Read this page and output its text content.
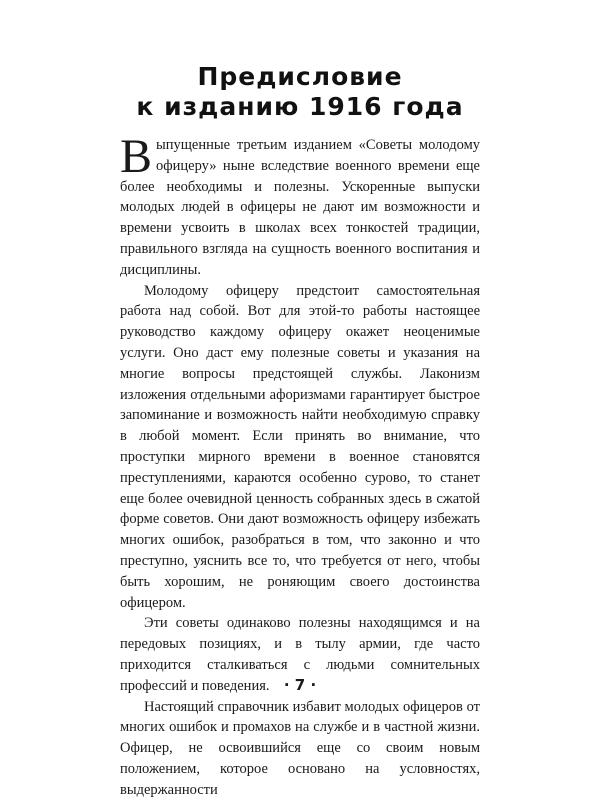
Предисловие
к изданию 1916 года

Выпущенные третьим изданием «Советы молодому офицеру» ныне вследствие военного времени еще более необходимы и полезны. Ускоренные выпуски молодых людей в офицеры не дают им возможности и времени усвоить в школах всех тонкостей традиции, правильного взгляда на сущность военного воспитания и дисциплины.

Молодому офицеру предстоит самостоятельная работа над собой. Вот для этой-то работы настоящее руководство каждому офицеру окажет неоценимые услуги. Оно даст ему полезные советы и указания на многие вопросы предстоящей службы. Лаконизм изложения отдельными афоризмами гарантирует быстрое запоминание и возможность найти необходимую справку в любой момент. Если принять во внимание, что проступки мирного времени в военное становятся преступлениями, караются особенно сурово, то станет еще более очевидной ценность собранных здесь в сжатой форме советов. Они дают возможность офицеру избежать многих ошибок, разобраться в том, что законно и что преступно, уяснить все то, что требуется от него, чтобы быть хорошим, не роняющим своего достоинства офицером.

Эти советы одинаково полезны находящимся и на передовых позициях, и в тылу армии, где часто приходится сталкиваться с людьми сомнительных профессий и поведения.

Настоящий справочник избавит молодых офицеров от многих ошибок и промахов на службе и в частной жизни. Офицер, не освоившийся еще со своим новым положением, которое основано на условностях, выдержанности

· 7 ·
